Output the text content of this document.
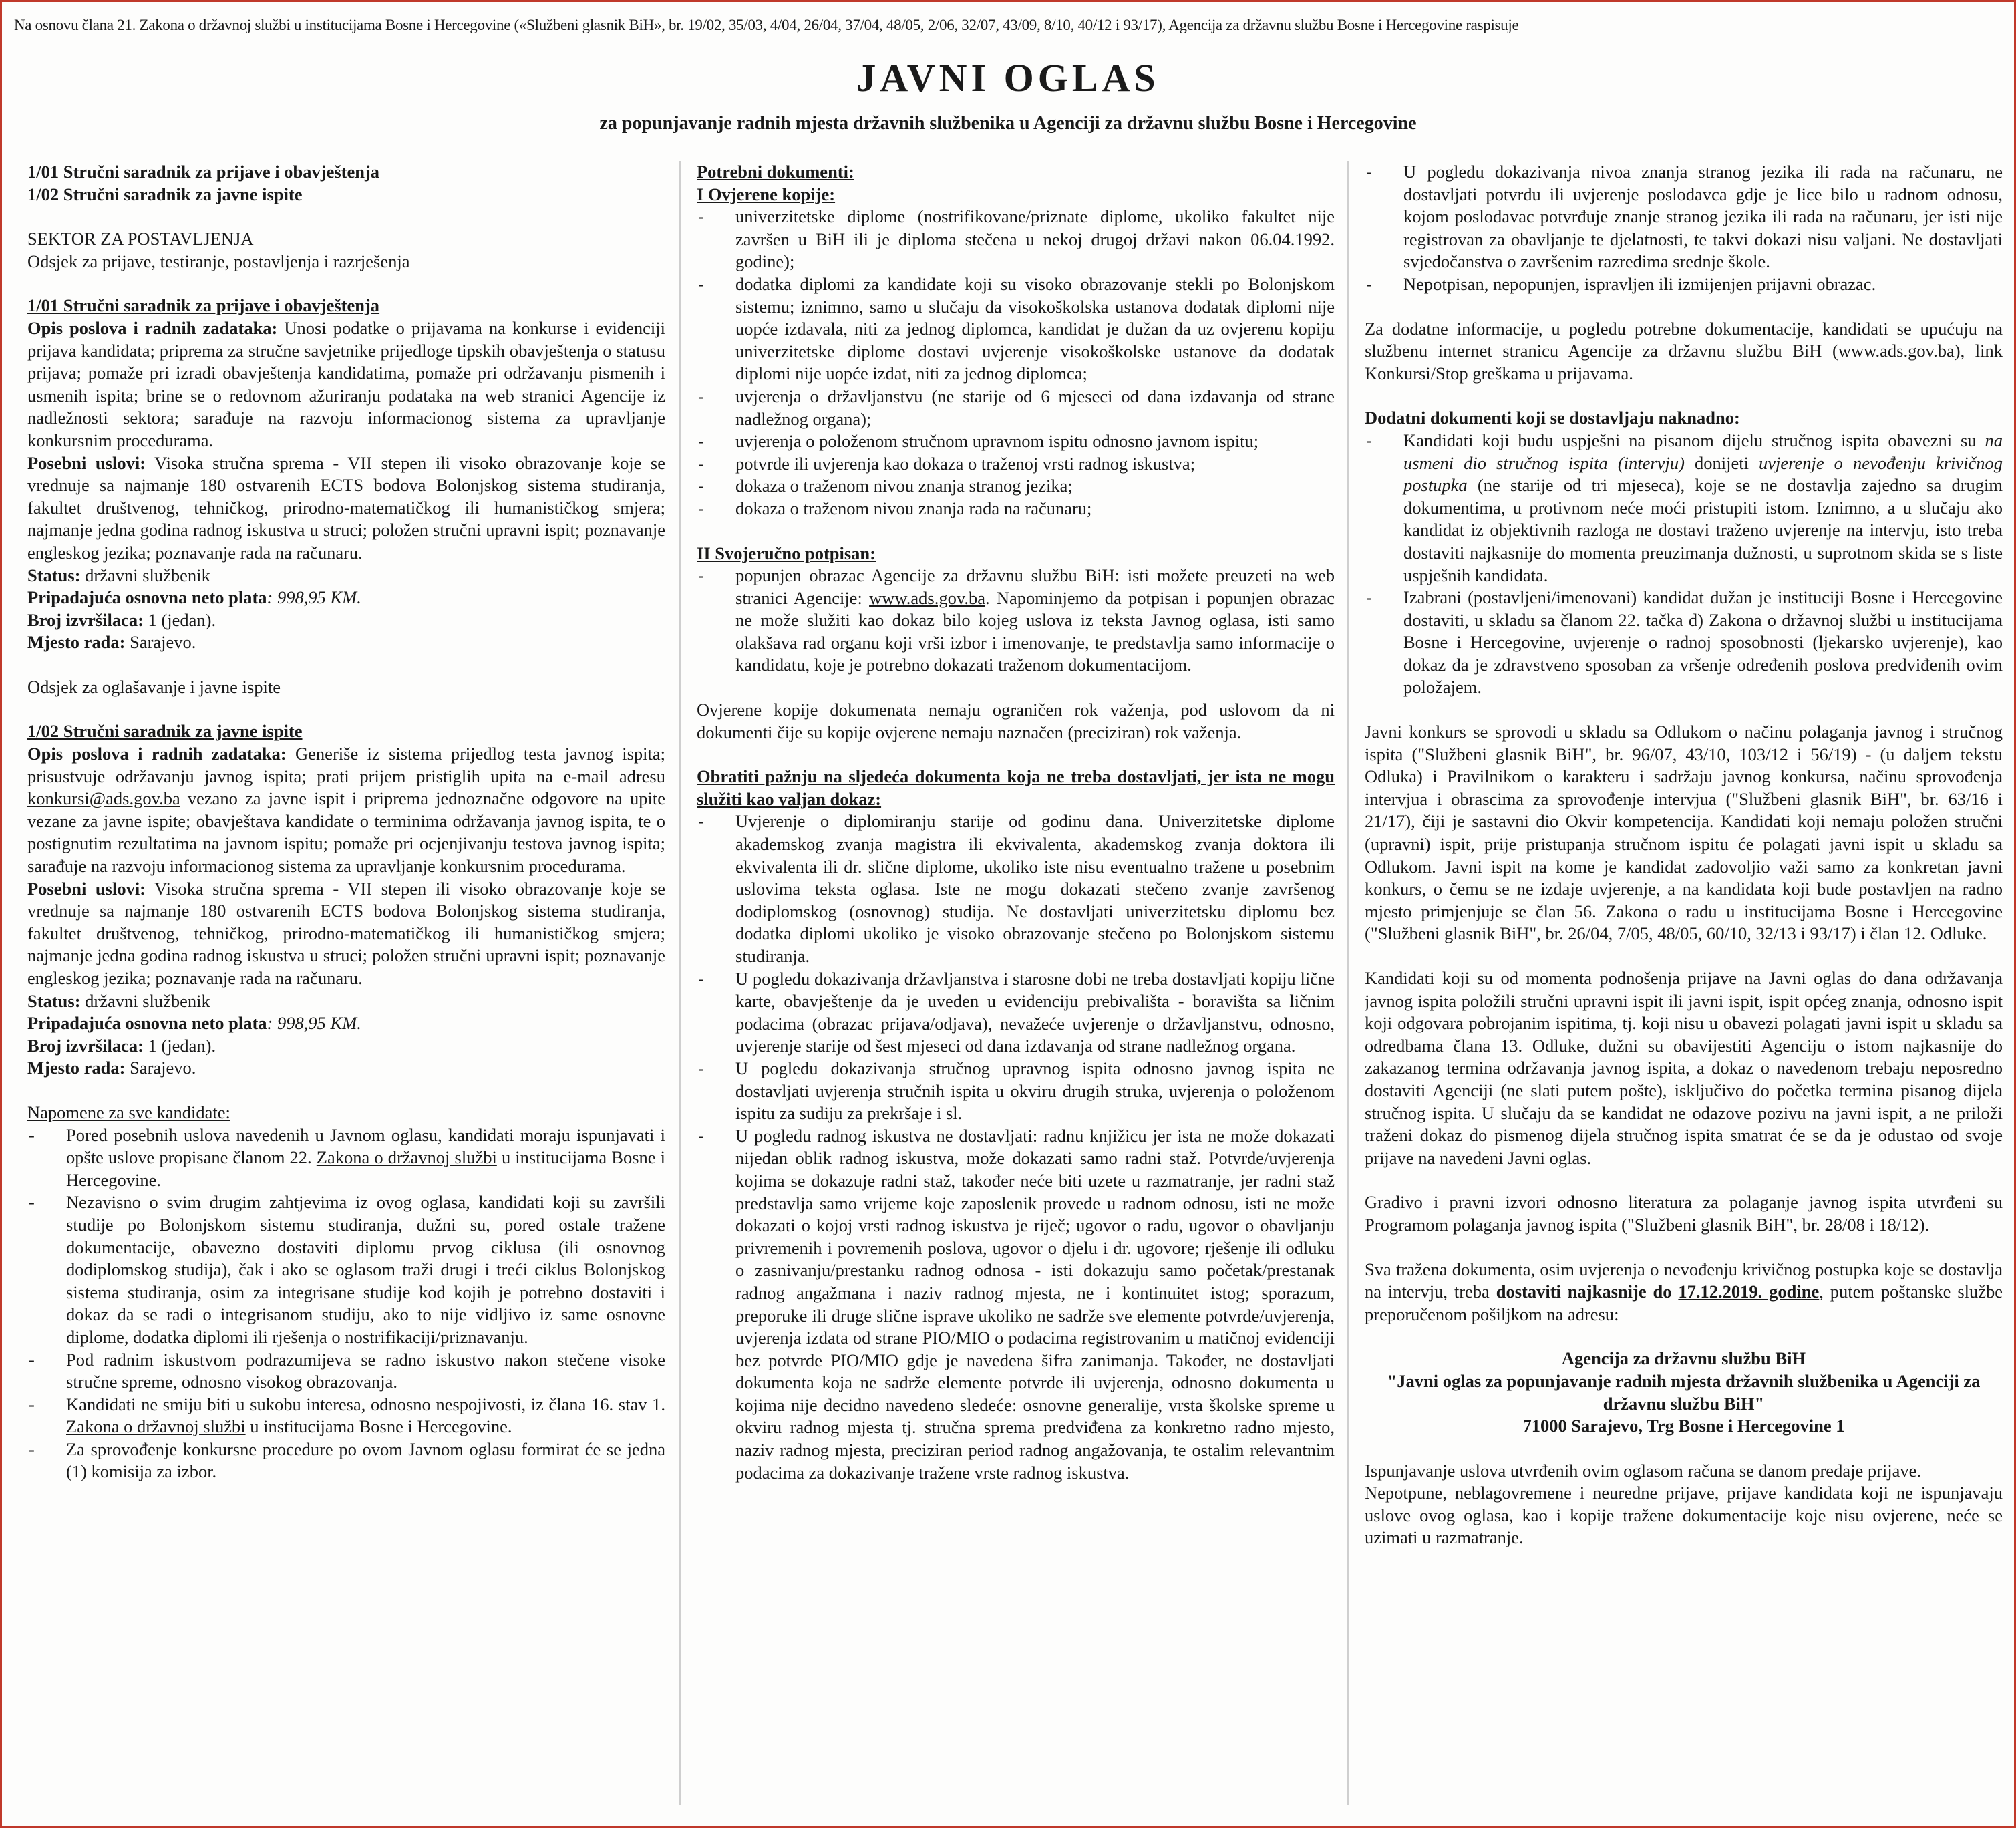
Na osnovu člana 21. Zakona o državnoj službi u institucijama Bosne i Hercegovine («Službeni glasnik BiH», br. 19/02, 35/03, 4/04, 26/04, 37/04, 48/05, 2/06, 32/07, 43/09, 8/10, 40/12 i 93/17), Agencija za državnu službu Bosne i Hercegovine raspisuje
JAVNI OGLAS
za popunjavanje radnih mjesta državnih službenika u Agenciji za državnu službu Bosne i Hercegovine

1/01 Stručni saradnik za prijave i obavještenja

1/02 Stručni saradnik za javne ispite

SEKTOR ZA POSTAVLJENJA

Odsjek za prijave, testiranje, postavljenja i razrješenja

1/01 Stručni saradnik za prijave i obavještenja

Opis poslova i radnih zadataka: Unosi podatke o prijavama na konkurse i evidenciji prijava kandidata; priprema za stručne savjetnike prijedloge tipskih obavještenja o statusu prijava; pomaže pri izradi obavještenja kandidatima, pomaže pri održavanju pismenih i usmenih ispita; brine se o redovnom ažuriranju podataka na web stranici Agencije iz nadležnosti sektora; sarađuje na razvoju informacionog sistema za upravljanje konkursnim procedurama.

Posebni uslovi: Visoka stručna sprema - VII stepen ili visoko obrazovanje koje se vrednuje sa najmanje 180 ostvarenih ECTS bodova Bolonjskog sistema studiranja, fakultet društvenog, tehničkog, prirodno-matematičkog ili humanističkog smjera; najmanje jedna godina radnog iskustva u struci; položen stručni upravni ispit; poznavanje engleskog jezika; poznavanje rada na računaru.

Status: državni službenik

Pripadajuća osnovna neto plata: 998,95 KM.

Broj izvršilaca: 1 (jedan).

Mjesto rada: Sarajevo.

Odsjek za oglašavanje i javne ispite

1/02 Stručni saradnik za javne ispite

Opis poslova i radnih zadataka: Generiše iz sistema prijedlog testa javnog ispita; prisustvuje održavanju javnog ispita; prati prijem pristiglih upita na e-mail adresu konkursi@ads.gov.ba vezano za javne ispit i priprema jednoznačne odgovore na upite vezane za javne ispite; obavještava kandidate o terminima održavanja javnog ispita, te o postignutim rezultatima na javnom ispitu; pomaže pri ocjenjivanju testova javnog ispita; sarađuje na razvoju informacionog sistema za upravljanje konkursnim procedurama.

Posebni uslovi: Visoka stručna sprema - VII stepen ili visoko obrazovanje koje se vrednuje sa najmanje 180 ostvarenih ECTS bodova Bolonjskog sistema studiranja, fakultet društvenog, tehničkog, prirodno-matematičkog ili humanističkog smjera; najmanje jedna godina radnog iskustva u struci; položen stručni upravni ispit; poznavanje engleskog jezika; poznavanje rada na računaru.

Status: državni službenik

Pripadajuća osnovna neto plata: 998,95 KM.

Broj izvršilaca: 1 (jedan).

Mjesto rada: Sarajevo.

Napomene za sve kandidate:

- Pored posebnih uslova navedenih u Javnom oglasu, kandidati moraju ispunjavati i opšte uslove propisane članom 22. Zakona o državnoj službi u institucijama Bosne i Hercegovine.
- Nezavisno o svim drugim zahtjevima iz ovog oglasa, kandidati koji su završili studije po Bolonjskom sistemu studiranja, dužni su, pored ostale tražene dokumentacije, obavezno dostaviti diplomu prvog ciklusa (ili osnovnog dodiplomskog studija), čak i ako se oglasom traži drugi i treći ciklus Bolonjskog sistema studiranja, osim za integrisane studije kod kojih je potrebno dostaviti i dokaz da se radi o integrisanom studiju, ako to nije vidljivo iz same osnovne diplome, dodatka diplomi ili rješenja o nostrifikaciji/priznavanju.
- Pod radnim iskustvom podrazumijeva se radno iskustvo nakon stečene visoke stručne spreme, odnosno visokog obrazovanja.
- Kandidati ne smiju biti u sukobu interesa, odnosno nespojivosti, iz člana 16. stav 1. Zakona o državnoj službi u institucijama Bosne i Hercegovine.
- Za sprovođenje konkursne procedure po ovom Javnom oglasu formirat će se jedna (1) komisija za izbor.

Potrebni dokumenti:

I Ovjerene kopije:

- univerzitetske diplome (nostrifikovane/priznate diplome, ukoliko fakultet nije završen u BiH ili je diploma stečena u nekoj drugoj državi nakon 06.04.1992. godine);
- dodatka diplomi za kandidate koji su visoko obrazovanje stekli po Bolonjskom sistemu; iznimno, samo u slučaju da visokoškolska ustanova dodatak diplomi nije uopće izdavala, niti za jednog diplomca, kandidat je dužan da uz ovjerenu kopiju univerzitetske diplome dostavi uvjerenje visokoškolske ustanove da dodatak diplomi nije uopće izdat, niti za jednog diplomca;
- uvjerenja o državljanstvu (ne starije od 6 mjeseci od dana izdavanja od strane nadležnog organa);
- uvjerenja o položenom stručnom upravnom ispitu odnosno javnom ispitu;
- potvrde ili uvjerenja kao dokaza o traženoj vrsti radnog iskustva;
- dokaza o traženom nivou znanja stranog jezika;
- dokaza o traženom nivou znanja rada na računaru;

II Svojeručno potpisan:

- popunjen obrazac Agencije za državnu službu BiH: isti možete preuzeti na web stranici Agencije: www.ads.gov.ba. Napominjemo da potpisan i popunjen obrazac ne može služiti kao dokaz bilo kojeg uslova iz teksta Javnog oglasa, isti samo olakšava rad organu koji vrši izbor i imenovanje, te predstavlja samo informacije o kandidatu, koje je potrebno dokazati traženom dokumentacijom.

Ovjerene kopije dokumenata nemaju ograničen rok važenja, pod uslovom da ni dokumenti čije su kopije ovjerene nemaju naznačen (preciziran) rok važenja.

Obratiti pažnju na sljedeća dokumenta koja ne treba dostavljati, jer ista ne mogu služiti kao valjan dokaz:

- Uvjerenje o diplomiranju starije od godinu dana. Univerzitetske diplome akademskog zvanja magistra ili ekvivalenta, akademskog zvanja doktora ili ekvivalenta ili dr. slične diplome, ukoliko iste nisu eventualno tražene u posebnim uslovima teksta oglasa. Iste ne mogu dokazati stečeno zvanje završenog dodiplomskog (osnovnog) studija. Ne dostavljati univerzitetsku diplomu bez dodatka diplomi ukoliko je visoko obrazovanje stečeno po Bolonjskom sistemu studiranja.
- U pogledu dokazivanja državljanstva i starosne dobi ne treba dostavljati kopiju lične karte, obavještenje da je uveden u evidenciju prebivališta - boravišta sa ličnim podacima (obrazac prijava/odjava), nevažeće uvjerenje o državljanstvu, odnosno, uvjerenje starije od šest mjeseci od dana izdavanja od strane nadležnog organa.
- U pogledu dokazivanja stručnog upravnog ispita odnosno javnog ispita ne dostavljati uvjerenja stručnih ispita u okviru drugih struka, uvjerenja o položenom ispitu za sudiju za prekršaje i sl.
- U pogledu radnog iskustva ne dostavljati: radnu knjižicu jer ista ne može dokazati nijedan oblik radnog iskustva, može dokazati samo radni staž. Potvrde/uvjerenja kojima se dokazuje radni staž, također neće biti uzete u razmatranje, jer radni staž predstavlja samo vrijeme koje zaposlenik provede u radnom odnosu, isti ne može dokazati o kojoj vrsti radnog iskustva je riječ; ugovor o radu, ugovor o obavljanju privremenih i povremenih poslova, ugovor o djelu i dr. ugovore; rješenje ili odluku o zasnivanju/prestanku radnog odnosa - isti dokazuju samo početak/prestanak radnog angažmana i naziv radnog mjesta, ne i kontinuitet istog; sporazum, preporuke ili druge slične isprave ukoliko ne sadrže sve elemente potvrde/uvjerenja, uvjerenja izdata od strane PIO/MIO o podacima registrovanim u matičnoj evidenciji bez potvrde PIO/MIO gdje je navedena šifra zanimanja. Također, ne dostavljati dokumenta koja ne sadrže elemente potvrde ili uvjerenja, odnosno dokumenta u kojima nije decidno navedeno sledeće: osnovne generalije, vrsta školske spreme u okviru radnog mjesta tj. stručna sprema predviđena za konkretno radno mjesto, naziv radnog mjesta, preciziran period radnog angažovanja, te ostalim relevantnim podacima za dokazivanje tražene vrste radnog iskustva.
- U pogledu dokazivanja nivoa znanja stranog jezika ili rada na računaru, ne dostavljati potvrdu ili uvjerenje poslodavca gdje je lice bilo u radnom odnosu, kojom poslodavac potvrđuje znanje stranog jezika ili rada na računaru, jer isti nije registrovan za obavljanje te djelatnosti, te takvi dokazi nisu valjani. Ne dostavljati svjedočanstva o završenim razredima srednje škole.
- Nepotpisan, nepopunjen, ispravljen ili izmijenjen prijavni obrazac.

Za dodatne informacije, u pogledu potrebne dokumentacije, kandidati se upućuju na službenu internet stranicu Agencije za državnu službu BiH (www.ads.gov.ba), link Konkursi/Stop greškama u prijavama.

Dodatni dokumenti koji se dostavljaju naknadno:

- Kandidati koji budu uspješni na pisanom dijelu stručnog ispita obavezni su na usmeni dio stručnog ispita (intervju) donijeti uvjerenje o nevođenju krivičnog postupka (ne starije od tri mjeseca), koje se ne dostavlja zajedno sa drugim dokumentima, u protivnom neće moći pristupiti istom. Iznimno, a u slučaju ako kandidat iz objektivnih razloga ne dostavi traženo uvjerenje na intervju, isto treba dostaviti najkasnije do momenta preuzimanja dužnosti, u suprotnom skida se s liste uspješnih kandidata.
- Izabrani (postavljeni/imenovani) kandidat dužan je instituciji Bosne i Hercegovine dostaviti, u skladu sa članom 22. tačka d) Zakona o državnoj službi u institucijama Bosne i Hercegovine, uvjerenje o radnoj sposobnosti (ljekarsko uvjerenje), kao dokaz da je zdravstveno sposoban za vršenje određenih poslova predviđenih ovim položajem.

Javni konkurs se sprovodi u skladu sa Odlukom o načinu polaganja javnog i stručnog ispita ("Službeni glasnik BiH", br. 96/07, 43/10, 103/12 i 56/19) - (u daljem tekstu Odluka) i Pravilnikom o karakteru i sadržaju javnog konkursa, načinu sprovođenja intervjua i obrascima za sprovođenje intervjua ("Službeni glasnik BiH", br. 63/16 i 21/17), čiji je sastavni dio Okvir kompetencija. Kandidati koji nemaju položen stručni (upravni) ispit, prije pristupanja stručnom ispitu će polagati javni ispit u skladu sa Odlukom. Javni ispit na kome je kandidat zadovoljio važi samo za konkretan javni konkurs, o čemu se ne izdaje uvjerenje, a na kandidata koji bude postavljen na radno mjesto primjenjuje se član 56. Zakona o radu u institucijama Bosne i Hercegovine ("Službeni glasnik BiH", br. 26/04, 7/05, 48/05, 60/10, 32/13 i 93/17) i član 12. Odluke.

Kandidati koji su od momenta podnošenja prijave na Javni oglas do dana održavanja javnog ispita položili stručni upravni ispit ili javni ispit, ispit općeg znanja, odnosno ispit koji odgovara pobrojanim ispitima, tj. koji nisu u obavezi polagati javni ispit u skladu sa odredbama člana 13. Odluke, dužni su obavijestiti Agenciju o istom najkasnije do zakazanog termina održavanja javnog ispita, a dokaz o navedenom trebaju neposredno dostaviti Agenciji (ne slati putem pošte), isključivo do početka termina pisanog dijela stručnog ispita. U slučaju da se kandidat ne odazove pozivu na javni ispit, a ne priloži traženi dokaz do pismenog dijela stručnog ispita smatrat će se da je odustao od svoje prijave na navedeni Javni oglas.

Gradivo i pravni izvori odnosno literatura za polaganje javnog ispita utvrđeni su Programom polaganja javnog ispita ("Službeni glasnik BiH", br. 28/08 i 18/12).

Sva tražena dokumenta, osim uvjerenja o nevođenju krivičnog postupka koje se dostavlja na intervju, treba dostaviti najkasnije do 17.12.2019. godine, putem poštanske službe preporučenom pošiljkom na adresu:

Agencija za državnu službu BiH

"Javni oglas za popunjavanje radnih mjesta državnih službenika u Agenciji za državnu službu BiH"

71000 Sarajevo, Trg Bosne i Hercegovine 1

Ispunjavanje uslova utvrđenih ovim oglasom računa se danom predaje prijave.

Nepotpune, neblagovremene i neuredne prijave, prijave kandidata koji ne ispunjavaju uslove ovog oglasa, kao i kopije tražene dokumentacije koje nisu ovjerene, neće se uzimati u razmatranje.
